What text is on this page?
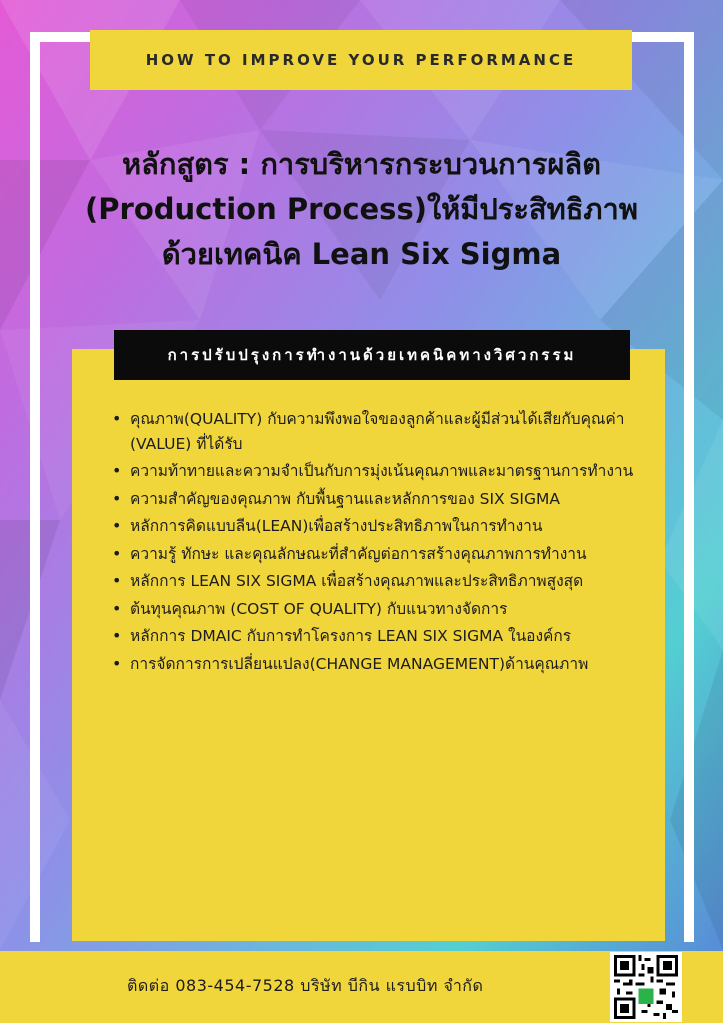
HOW TO IMPROVE YOUR PERFORMANCE
หลักสูตร : การบริหารกระบวนการผลิต
(Production Process)ให้มีประสิทธิภาพ
ด้วยเทคนิค Lean Six Sigma
การปรับปรุงการทำงานด้วยเทคนิคทางวิศวกรรม
• คุณภาพ(QUALITY) กับความพึงพอใจของลูกค้าและผู้มีส่วนได้เสียกับคุณค่า (VALUE) ที่ได้รับ
• ความท้าทายและความจำเป็นกับการมุ่งเน้นคุณภาพและมาตรฐานการทำงาน
• ความสำคัญของคุณภาพ กับพื้นฐานและหลักการของ SIX SIGMA
• หลักการคิดแบบลีน(LEAN)เพื่อสร้างประสิทธิภาพในการทำงาน
• ความรู้ ทักษะ และคุณลักษณะที่สำคัญต่อการสร้างคุณภาพการทำงาน
• หลักการ LEAN SIX SIGMA เพื่อสร้างคุณภาพและประสิทธิภาพสูงสุด
• ต้นทุนคุณภาพ (COST OF QUALITY) กับแนวทางจัดการ
• หลักการ DMAIC กับการทำโครงการ LEAN SIX SIGMA ในองค์กร
• การจัดการการเปลี่ยนแปลง(CHANGE MANAGEMENT)ด้านคุณภาพ
ติดต่อ 083-454-7528 บริษัท บีกิน แรบบิท จำกัด
